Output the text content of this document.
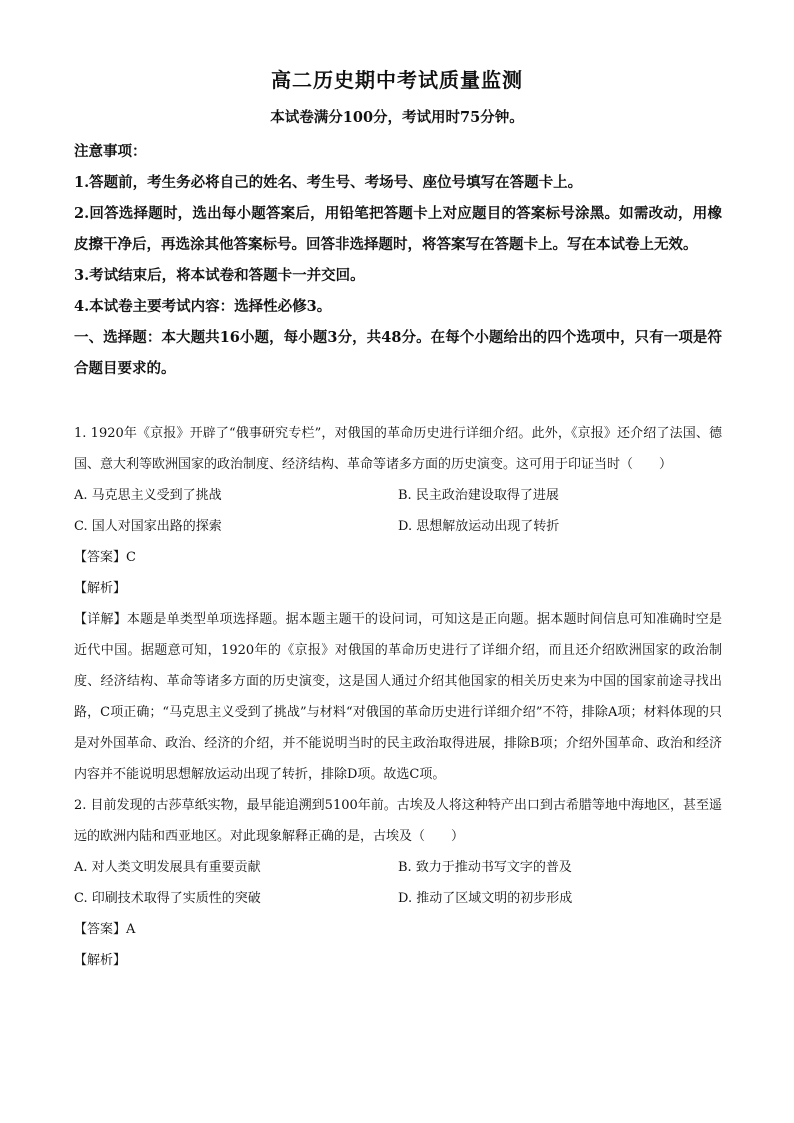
高二历史期中考试质量监测
本试卷满分100分，考试用时75分钟。

注意事项：

1.答题前，考生务必将自己的姓名、考生号、考场号、座位号填写在答题卡上。

2.回答选择题时，选出每小题答案后，用铅笔把答题卡上对应题目的答案标号涂黑。如需改动，用橡皮擦干净后，再选涂其他答案标号。回答非选择题时，将答案写在答题卡上。写在本试卷上无效。

3.考试结束后，将本试卷和答题卡一并交回。

4.本试卷主要考试内容：选择性必修3。

一、选择题：本大题共16小题，每小题3分，共48分。在每个小题给出的四个选项中，只有一项是符合题目要求的。

1. 1920年《京报》开辟了“俄事研究专栏”，对俄国的革命历史进行详细介绍。此外，《京报》还介绍了法国、德国、意大利等欧洲国家的政治制度、经济结构、革命等诸多方面的历史演变。这可用于印证当时（　　）

A. 马克思主义受到了挑战	B. 民主政治建设取得了进展
C. 国人对国家出路的探索	D. 思想解放运动出现了转折

【答案】C

【解析】

【详解】本题是单类型单项选择题。据本题主题干的设问词，可知这是正向题。据本题时间信息可知准确时空是近代中国。据题意可知，1920年的《京报》对俄国的革命历史进行了详细介绍，而且还介绍欧洲国家的政治制度、经济结构、革命等诸多方面的历史演变，这是国人通过介绍其他国家的相关历史来为中国的国家前途寻找出路，C项正确；“马克思主义受到了挑战”与材料“对俄国的革命历史进行详细介绍”不符，排除A项；材料体现的只是对外国革命、政治、经济的介绍，并不能说明当时的民主政治取得进展，排除B项；介绍外国革命、政治和经济内容并不能说明思想解放运动出现了转折，排除D项。故选C项。

2. 目前发现的古莎草纸实物，最早能追溯到5100年前。古埃及人将这种特产出口到古希腊等地中海地区，甚至遥远的欧洲内陆和西亚地区。对此现象解释正确的是，古埃及（　　）

A. 对人类文明发展具有重要贡献	B. 致力于推动书写文字的普及
C. 印刷技术取得了实质性的突破	D. 推动了区域文明的初步形成

【答案】A

【解析】
